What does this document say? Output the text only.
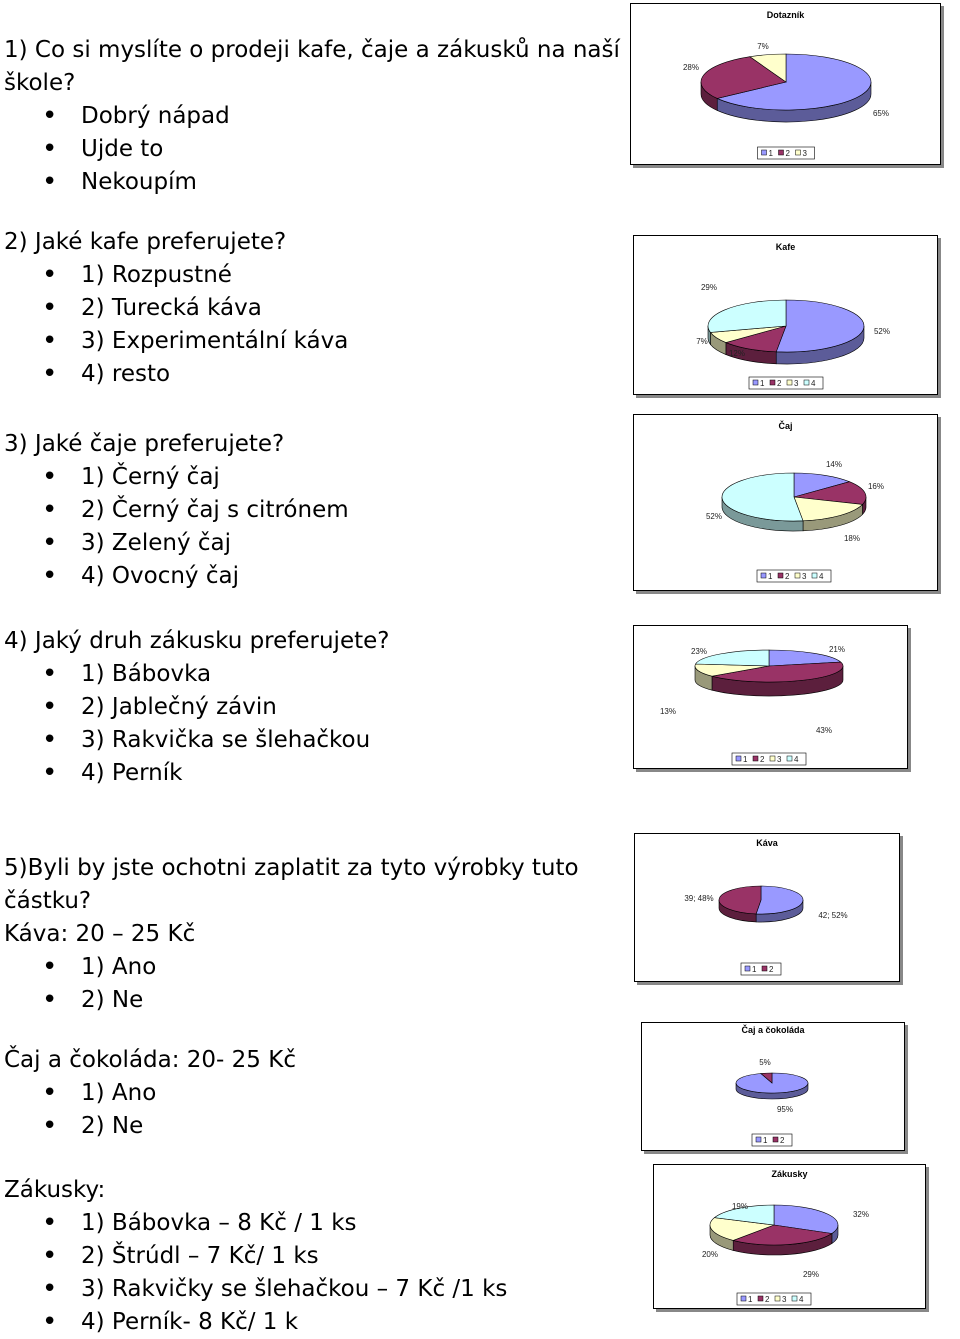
1) Co si myslíte o prodeji kafe, čaje a zákusků na naší
škole?
• Dobrý nápad
• Ujde to
• Nekoupím
2) Jaké kafe preferujete?
• 1) Rozpustné
• 2) Turecká káva
• 3) Experimentální káva
• 4) resto
3) Jaké čaje preferujete?
• 1) Černý čaj
• 2) Černý čaj s citrónem
• 3) Zelený čaj
• 4) Ovocný čaj
4) Jaký druh zákusku preferujete?
• 1) Bábovka
• 2) Jablečný závin
• 3) Rakvička se šlehačkou
• 4) Perník
5)Byli by jste ochotni zaplatit za tyto výrobky tuto
částku?
Káva: 20 – 25 Kč
• 1) Ano
• 2) Ne
Čaj a čokoláda: 20- 25 Kč
• 1) Ano
• 2) Ne
Zákusky:
• 1) Bábovka – 8 Kč / 1 ks
• 2) Štrúdl – 7 Kč/ 1 ks
• 3) Rakvičky se šlehačkou – 7 Kč /1 ks
• 4) Perník- 8 Kč/ 1 k
Dotazník
65%
28%
7%
1 2 3
Kafe
52%
12%
7%
29%
1 2 3 4
Čaj
14%
16%
18%
52%
1 2 3 4
21%
43%
13%
23%
1 2 3 4
Káva
42; 52%
39; 48%
1 2
Čaj a čokoláda
95%
5%
1 2
Zákusky
32%
29%
20%
19%
1 2 3 4
